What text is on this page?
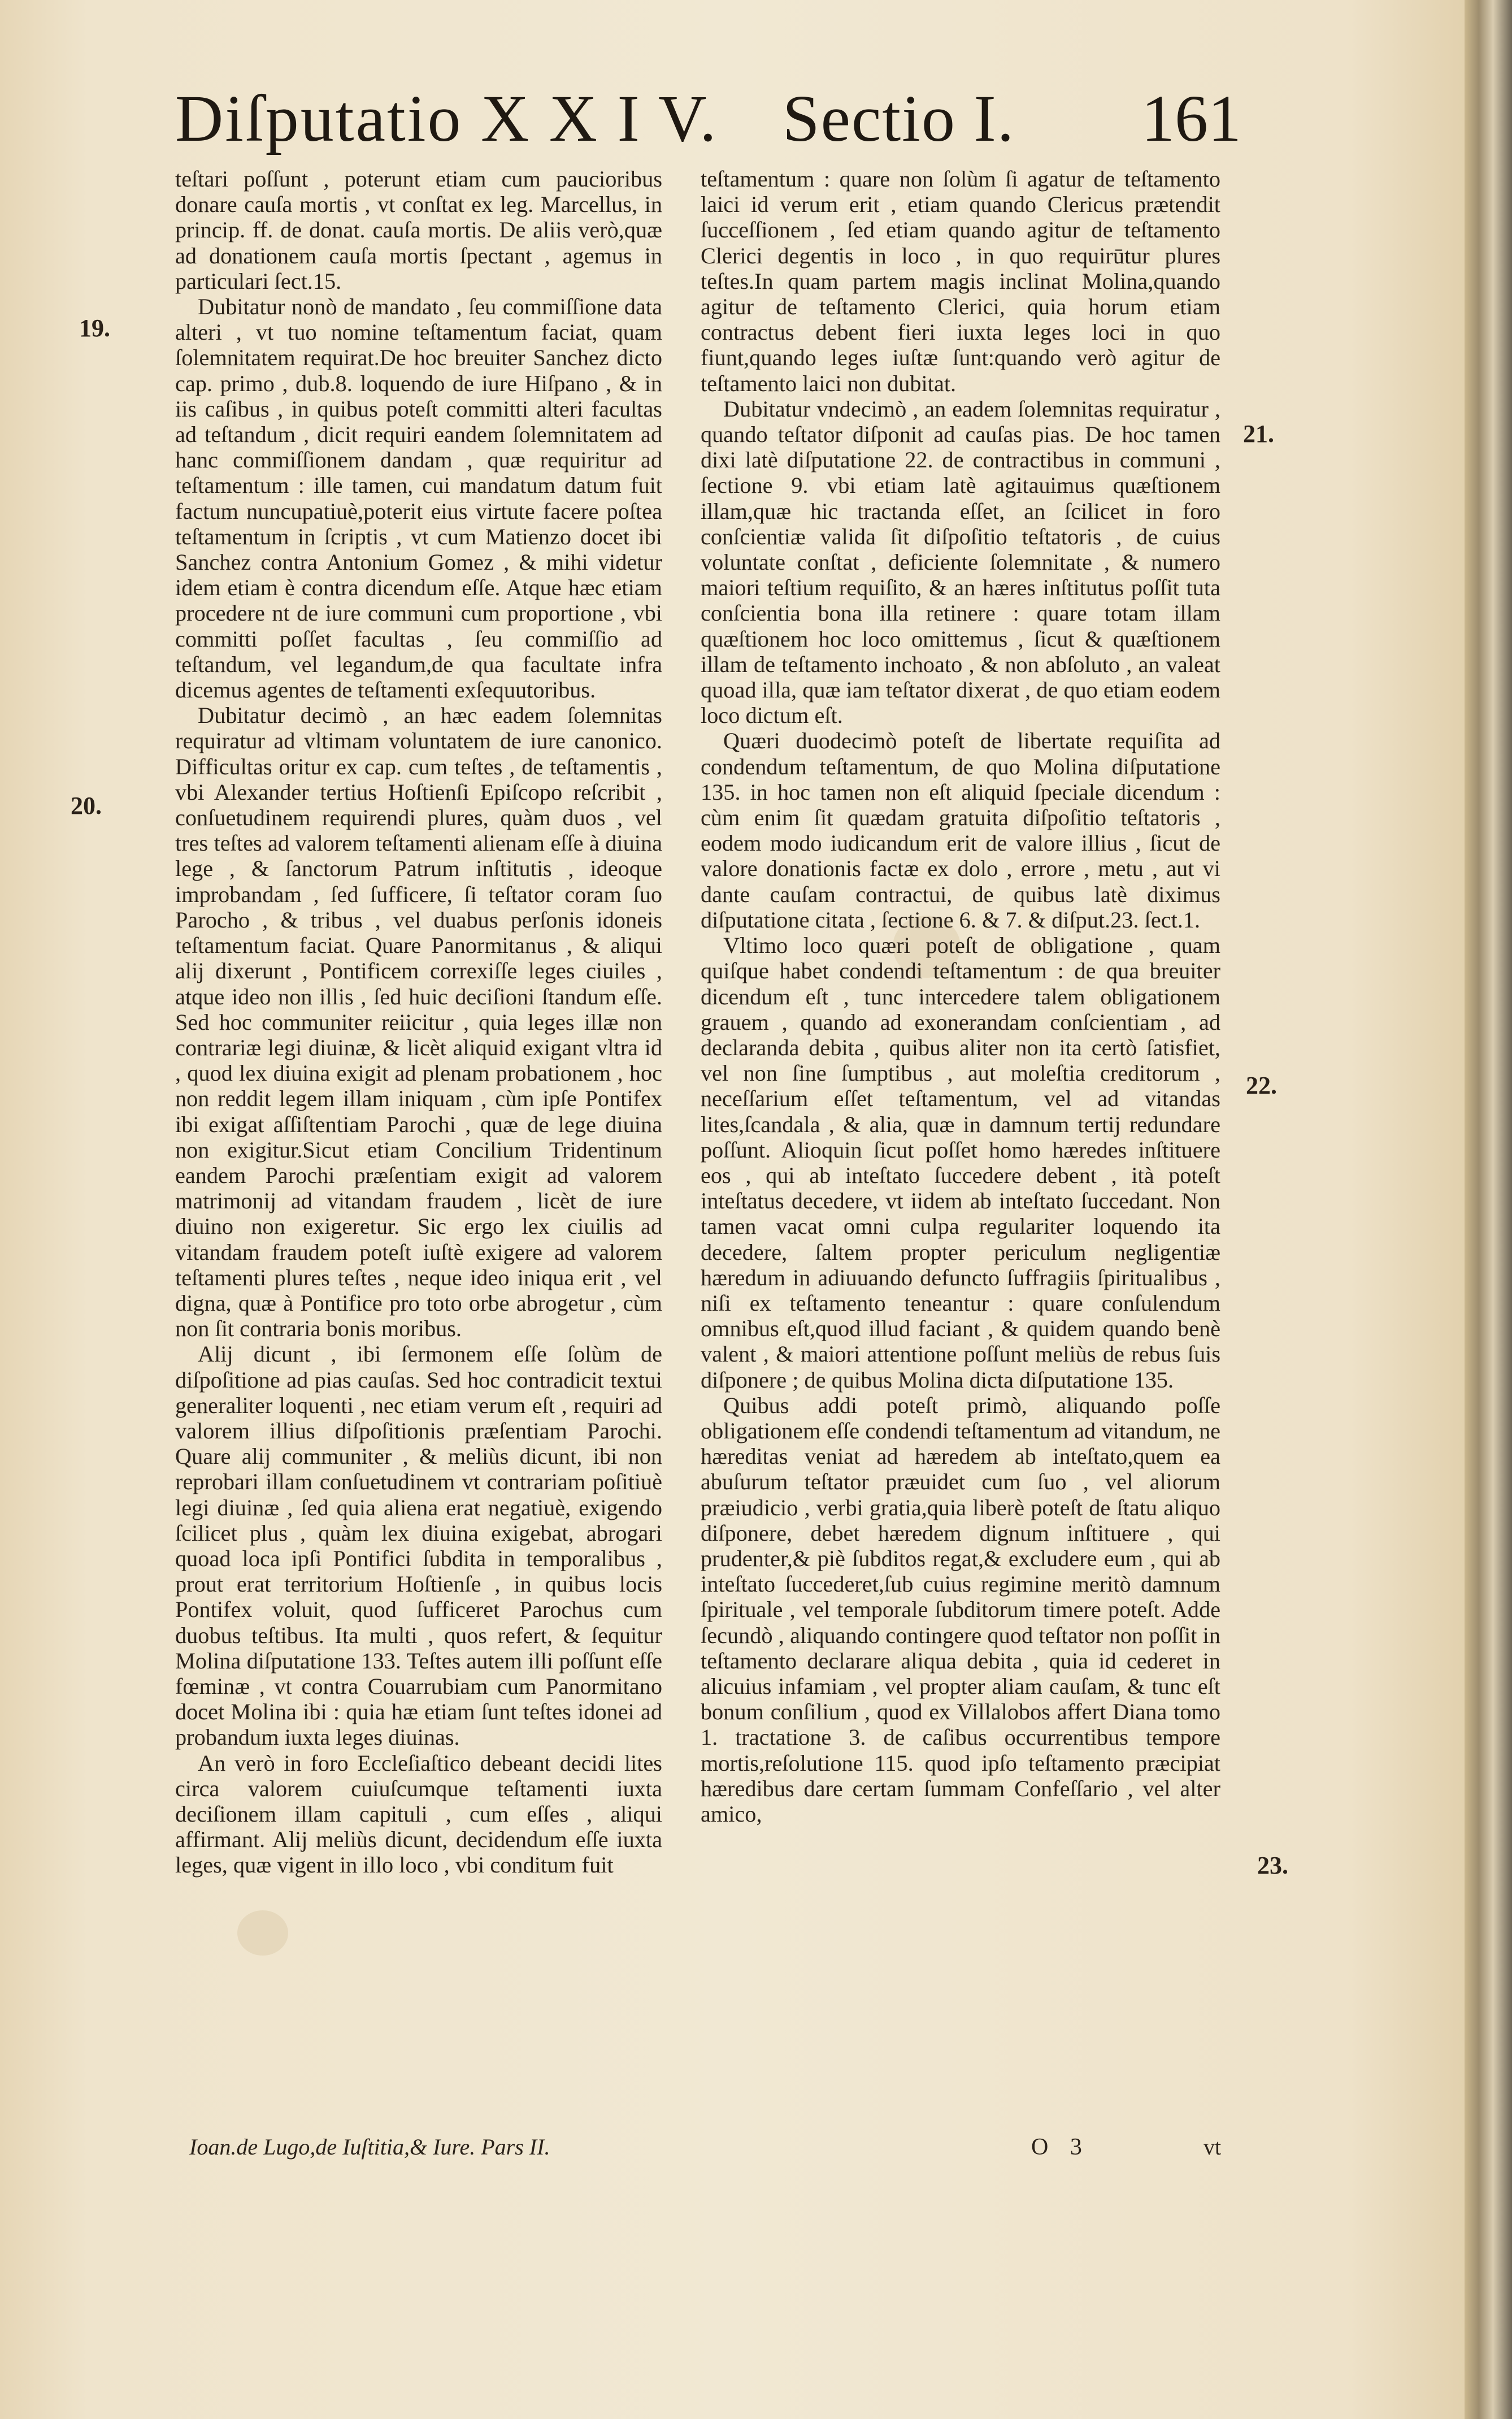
Diſputatio X X I V. Sectio I. 161
19.
20.
21.
22.
23.

teſtari poſſunt , poterunt etiam cum paucioribus donare cauſa mortis , vt conſtat ex leg. Marcellus, in princip. ff. de donat. cauſa mortis. De aliis verò,quæ ad donationem cauſa mortis ſpectant , agemus in particulari ſect.15.

Dubitatur nonò de mandato , ſeu commiſſione data alteri , vt tuo nomine teſtamentum faciat, quam ſolemnitatem requirat.De hoc breuiter Sanchez dicto cap. primo , dub.8. loquendo de iure Hiſpano , & in iis caſibus , in quibus poteſt committi alteri facultas ad teſtandum , dicit requiri eandem ſolemnitatem ad hanc commiſſionem dandam , quæ requiritur ad teſtamentum : ille tamen, cui mandatum datum fuit factum nuncupatiuè,poterit eius virtute facere poſtea teſtamentum in ſcriptis , vt cum Matienzo docet ibi Sanchez contra Antonium Gomez , & mihi videtur idem etiam è contra dicendum eſſe. Atque hæc etiam procedere nt de iure communi cum proportione , vbi committi poſſet facultas , ſeu commiſſio ad teſtandum, vel legandum,de qua facultate infra dicemus agentes de teſtamenti exſequutoribus.

Dubitatur decimò , an hæc eadem ſolemnitas requiratur ad vltimam voluntatem de iure canonico. Difficultas oritur ex cap. cum teſtes , de teſtamentis , vbi Alexander tertius Hoſtienſi Epiſcopo reſcribit , conſuetudinem requirendi plures, quàm duos , vel tres teſtes ad valorem teſtamenti alienam eſſe à diuina lege , & ſanctorum Patrum inſtitutis , ideoque improbandam , ſed ſufficere, ſi teſtator coram ſuo Parocho , & tribus , vel duabus perſonis idoneis teſtamentum faciat. Quare Panormitanus , & aliqui alij dixerunt , Pontificem correxiſſe leges ciuiles , atque ideo non illis , ſed huic deciſioni ſtandum eſſe. Sed hoc communiter reiicitur , quia leges illæ non contrariæ legi diuinæ, & licèt aliquid exigant vltra id , quod lex diuina exigit ad plenam probationem , hoc non reddit legem illam iniquam , cùm ipſe Pontifex ibi exigat aſſiſtentiam Parochi , quæ de lege diuina non exigitur.Sicut etiam Concilium Tridentinum eandem Parochi præſentiam exigit ad valorem matrimonij ad vitandam fraudem , licèt de iure diuino non exigeretur. Sic ergo lex ciuilis ad vitandam fraudem poteſt iuſtè exigere ad valorem teſtamenti plures teſtes , neque ideo iniqua erit , vel digna, quæ à Pontifice pro toto orbe abrogetur , cùm non ſit contraria bonis moribus.

Alij dicunt , ibi ſermonem eſſe ſolùm de diſpoſitione ad pias cauſas. Sed hoc contradicit textui generaliter loquenti , nec etiam verum eſt , requiri ad valorem illius diſpoſitionis præſentiam Parochi. Quare alij communiter , & meliùs dicunt, ibi non reprobari illam conſuetudinem vt contrariam poſitiuè legi diuinæ , ſed quia aliena erat negatiuè, exigendo ſcilicet plus , quàm lex diuina exigebat, abrogari quoad loca ipſi Pontifici ſubdita in temporalibus , prout erat territorium Hoſtienſe , in quibus locis Pontifex voluit, quod ſufficeret Parochus cum duobus teſtibus. Ita multi , quos refert, & ſequitur Molina diſputatione 133. Teſtes autem illi poſſunt eſſe fœminæ , vt contra Couarrubiam cum Panormitano docet Molina ibi : quia hæ etiam ſunt teſtes idonei ad probandum iuxta leges diuinas.

An verò in foro Eccleſiaſtico debeant decidi lites circa valorem cuiuſcumque teſtamenti iuxta deciſionem illam capituli , cum eſſes , aliqui affirmant. Alij meliùs dicunt, decidendum eſſe iuxta leges, quæ vigent in illo loco , vbi conditum fuit

teſtamentum : quare non ſolùm ſi agatur de teſtamento laici id verum erit , etiam quando Clericus prætendit ſucceſſionem , ſed etiam quando agitur de teſtamento Clerici degentis in loco , in quo requirūtur plures teſtes.In quam partem magis inclinat Molina,quando agitur de teſtamento Clerici, quia horum etiam contractus debent fieri iuxta leges loci in quo fiunt,quando leges iuſtæ ſunt:quando verò agitur de teſtamento laici non dubitat.

Dubitatur vndecimò , an eadem ſolemnitas requiratur , quando teſtator diſponit ad cauſas pias. De hoc tamen dixi latè diſputatione 22. de contractibus in communi , ſectione 9. vbi etiam latè agitauimus quæſtionem illam,quæ hic tractanda eſſet, an ſcilicet in foro conſcientiæ valida ſit diſpoſitio teſtatoris , de cuius voluntate conſtat , deficiente ſolemnitate , & numero maiori teſtium requiſito, & an hæres inſtitutus poſſit tuta conſcientia bona illa retinere : quare totam illam quæſtionem hoc loco omittemus , ſicut & quæſtionem illam de teſtamento inchoato , & non abſoluto , an valeat quoad illa, quæ iam teſtator dixerat , de quo etiam eodem loco dictum eſt.

Quæri duodecimò poteſt de libertate requiſita ad condendum teſtamentum, de quo Molina diſputatione 135. in hoc tamen non eſt aliquid ſpeciale dicendum : cùm enim ſit quædam gratuita diſpoſitio teſtatoris , eodem modo iudicandum erit de valore illius , ſicut de valore donationis factæ ex dolo , errore , metu , aut vi dante cauſam contractui, de quibus latè diximus diſputatione citata , ſectione 6. & 7. & diſput.23. ſect.1.

Vltimo loco quæri poteſt de obligatione , quam quiſque habet condendi teſtamentum : de qua breuiter dicendum eſt , tunc intercedere talem obligationem grauem , quando ad exonerandam conſcientiam , ad declaranda debita , quibus aliter non ita certò ſatisfiet, vel non ſine ſumptibus , aut moleſtia creditorum , neceſſarium eſſet teſtamentum, vel ad vitandas lites,ſcandala , & alia, quæ in damnum tertij redundare poſſunt. Alioquin ſicut poſſet homo hæredes inſtituere eos , qui ab inteſtato ſuccedere debent , ità poteſt inteſtatus decedere, vt iidem ab inteſtato ſuccedant. Non tamen vacat omni culpa regulariter loquendo ita decedere, ſaltem propter periculum negligentiæ hæredum in adiuuando defuncto ſuffragiis ſpiritualibus , niſi ex teſtamento teneantur : quare conſulendum omnibus eſt,quod illud faciant , & quidem quando benè valent , & maiori attentione poſſunt meliùs de rebus ſuis diſponere ; de quibus Molina dicta diſputatione 135.

Quibus addi poteſt primò, aliquando poſſe obligationem eſſe condendi teſtamentum ad vitandum, ne hæreditas veniat ad hæredem ab inteſtato,quem ea abuſurum teſtator præuidet cum ſuo , vel aliorum præiudicio , verbi gratia,quia liberè poteſt de ſtatu aliquo diſponere, debet hæredem dignum inſtituere , qui prudenter,& piè ſubditos regat,& excludere eum , qui ab inteſtato ſuccederet,ſub cuius regimine meritò damnum ſpirituale , vel temporale ſubditorum timere poteſt. Adde ſecundò , aliquando contingere quod teſtator non poſſit in teſtamento declarare aliqua debita , quia id cederet in alicuius infamiam , vel propter aliam cauſam, & tunc eſt bonum conſilium , quod ex Villalobos affert Diana tomo 1. tractatione 3. de caſibus occurrentibus tempore mortis,reſolutione 115. quod ipſo teſtamento præcipiat hæredibus dare certam ſummam Confeſſario , vel alter amico,

Ioan.de Lugo,de Iuſtitia,& Iure. Pars II.	O 3	vt
